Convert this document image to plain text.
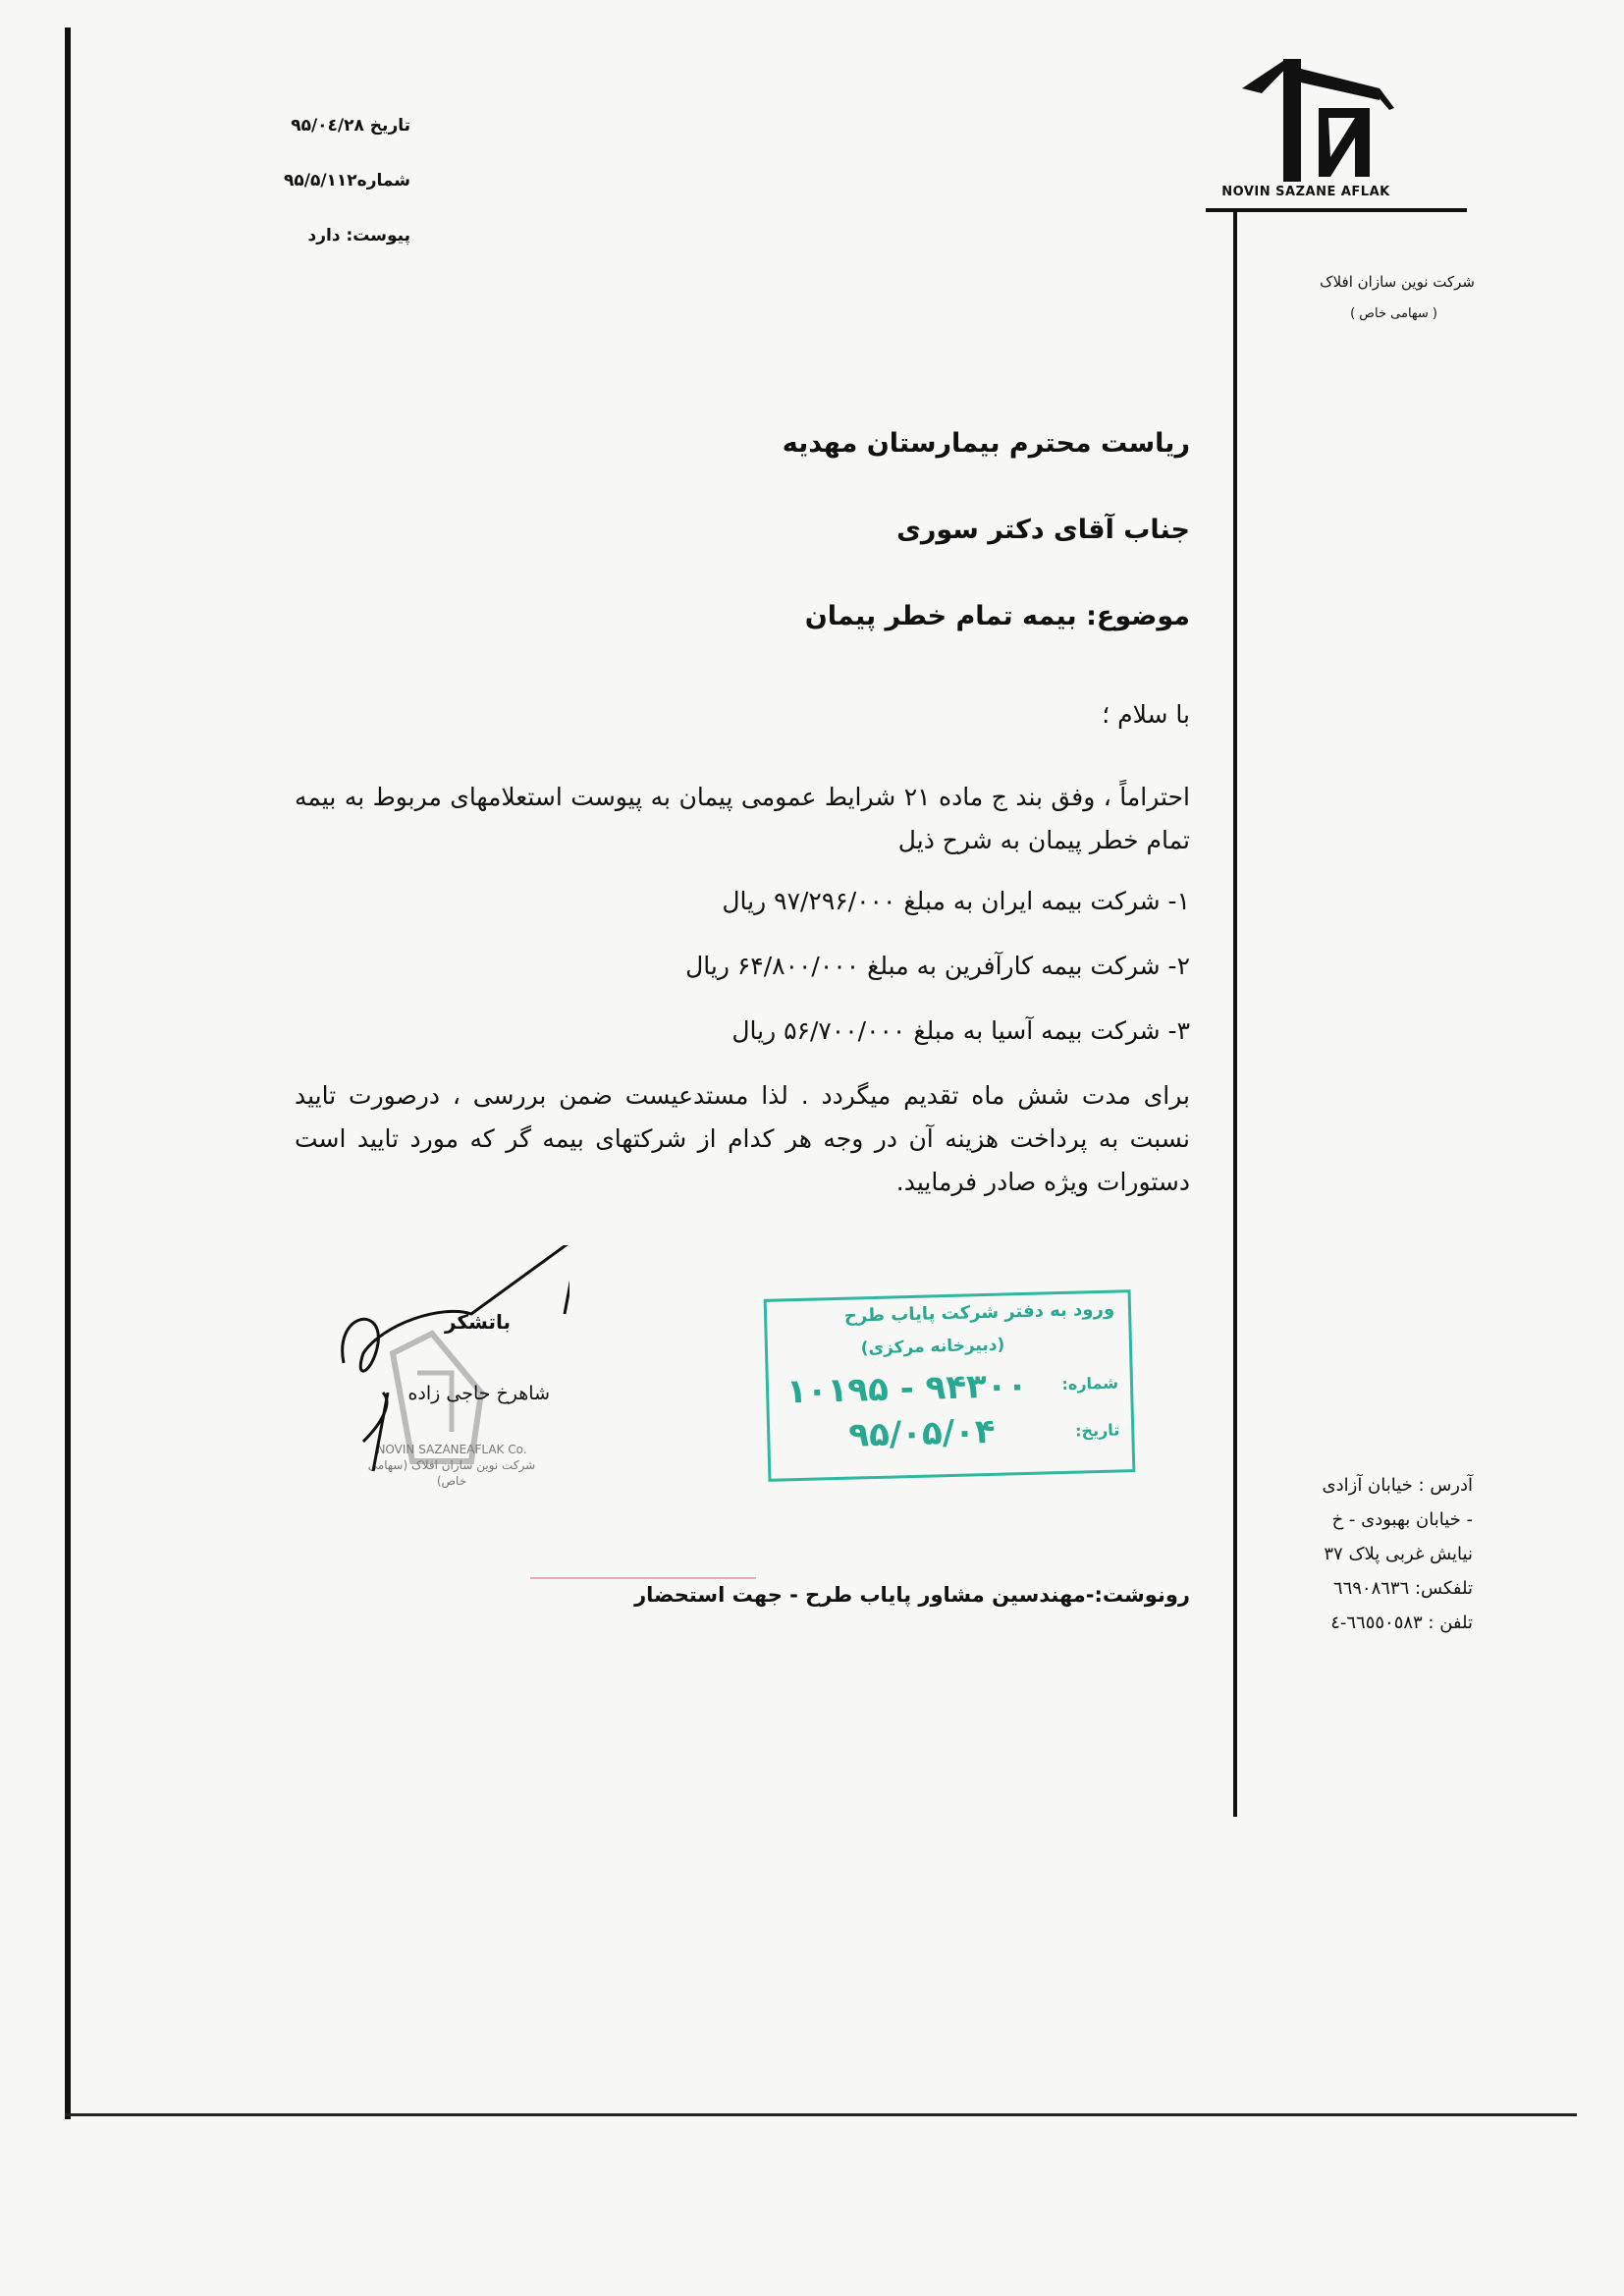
NOVIN SAZANE AFLAK
شرکت نوین سازان افلاک
( سهامی خاص )
تاریخ ۹۵/۰٤/۲۸
شماره۹۵/۵/۱۱۲
پیوست: دارد
ریاست محترم بیمارستان مهدیه
جناب آقای دکتر سوری
موضوع: بیمه تمام خطر پیمان
با سلام ؛
احتراماً ، وفق بند ج ماده ۲۱ شرایط عمومی پیمان به پیوست استعلامهای مربوط به بیمه تمام خطر پیمان به شرح ذیل
۱- شرکت بیمه ایران به مبلغ ۹۷/۲۹۶/۰۰۰ ریال
۲- شرکت بیمه کارآفرین به مبلغ ۶۴/۸۰۰/۰۰۰ ریال
۳- شرکت بیمه آسیا به مبلغ ۵۶/۷۰۰/۰۰۰ ریال
برای مدت شش ماه تقدیم میگردد . لذا مستدعیست ضمن بررسی ، درصورت تایید نسبت به پرداخت هزینه آن در وجه هر کدام از شرکتهای بیمه گر که مورد تایید است دستورات ویژه صادر فرمایید.
باتشکر
شاهرخ حاجی زاده
NOVIN SAZANEAFLAK Co. شرکت نوین سازان افلاک (سهامی خاص)
ورود به دفتر شرکت پایاب طرح
(دبیرخانه مرکزی)
شماره:
۱۰۱۹۵ - ۹۴۳۰۰
تاریخ:
۹۵/۰۵/۰۴
رونوشت:-مهندسین مشاور پایاب طرح - جهت استحضار
آدرس : خیابان آزادی
- خیابان بهبودی - خ
نیایش غربی پلاک ۳۷
تلفکس: ٦٦٩٠٨٦٣٦
تلفن : ٦٦٥٥٠٥٨٣-٤
